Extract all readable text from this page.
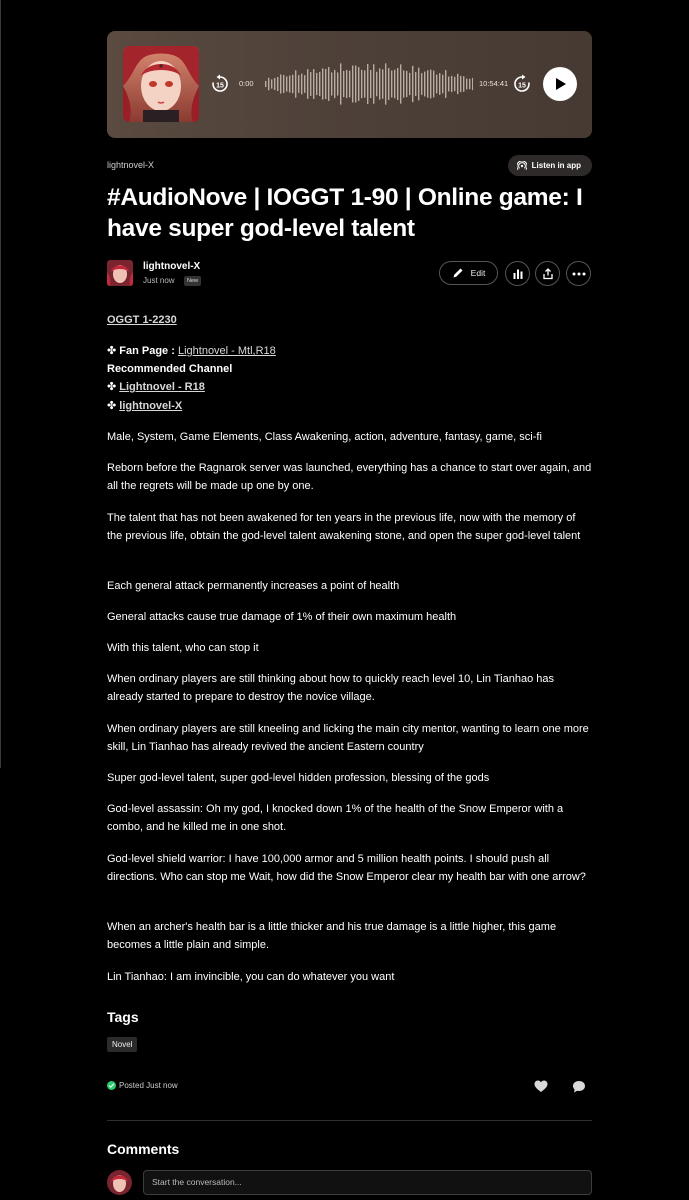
15 0:00	10:54:41 15
lightnovel-X	Listen in app
#AudioNove | IOGGT 1-90 | Online game: I have super god-level talent
lightnovel-X
Just now	New
Edit
OGGT 1-2230
✤ Fan Page : Lightnovel - Mtl,R18
Recommended Channel
✤ Lightnovel - R18
✤ lightnovel-X
Male, System, Game Elements, Class Awakening, action, adventure, fantasy, game, sci-fi
Reborn before the Ragnarok server was launched, everything has a chance to start over again, and all the regrets will be made up one by one.
The talent that has not been awakened for ten years in the previous life, now with the memory of the previous life, obtain the god-level talent awakening stone, and open the super god-level talent
Each general attack permanently increases a point of health
General attacks cause true damage of 1% of their own maximum health
With this talent, who can stop it
When ordinary players are still thinking about how to quickly reach level 10, Lin Tianhao has already started to prepare to destroy the novice village.
When ordinary players are still kneeling and licking the main city mentor, wanting to learn one more skill, Lin Tianhao has already revived the ancient Eastern country
Super god-level talent, super god-level hidden profession, blessing of the gods
God-level assassin: Oh my god, I knocked down 1% of the health of the Snow Emperor with a combo, and he killed me in one shot.
God-level shield warrior: I have 100,000 armor and 5 million health points. I should push all directions. Who can stop me Wait, how did the Snow Emperor clear my health bar with one arrow?
When an archer's health bar is a little thicker and his true damage is a little higher, this game becomes a little plain and simple.
Lin Tianhao: I am invincible, you can do whatever you want
Tags
Novel
Posted Just now
Comments
Start the conversation...
